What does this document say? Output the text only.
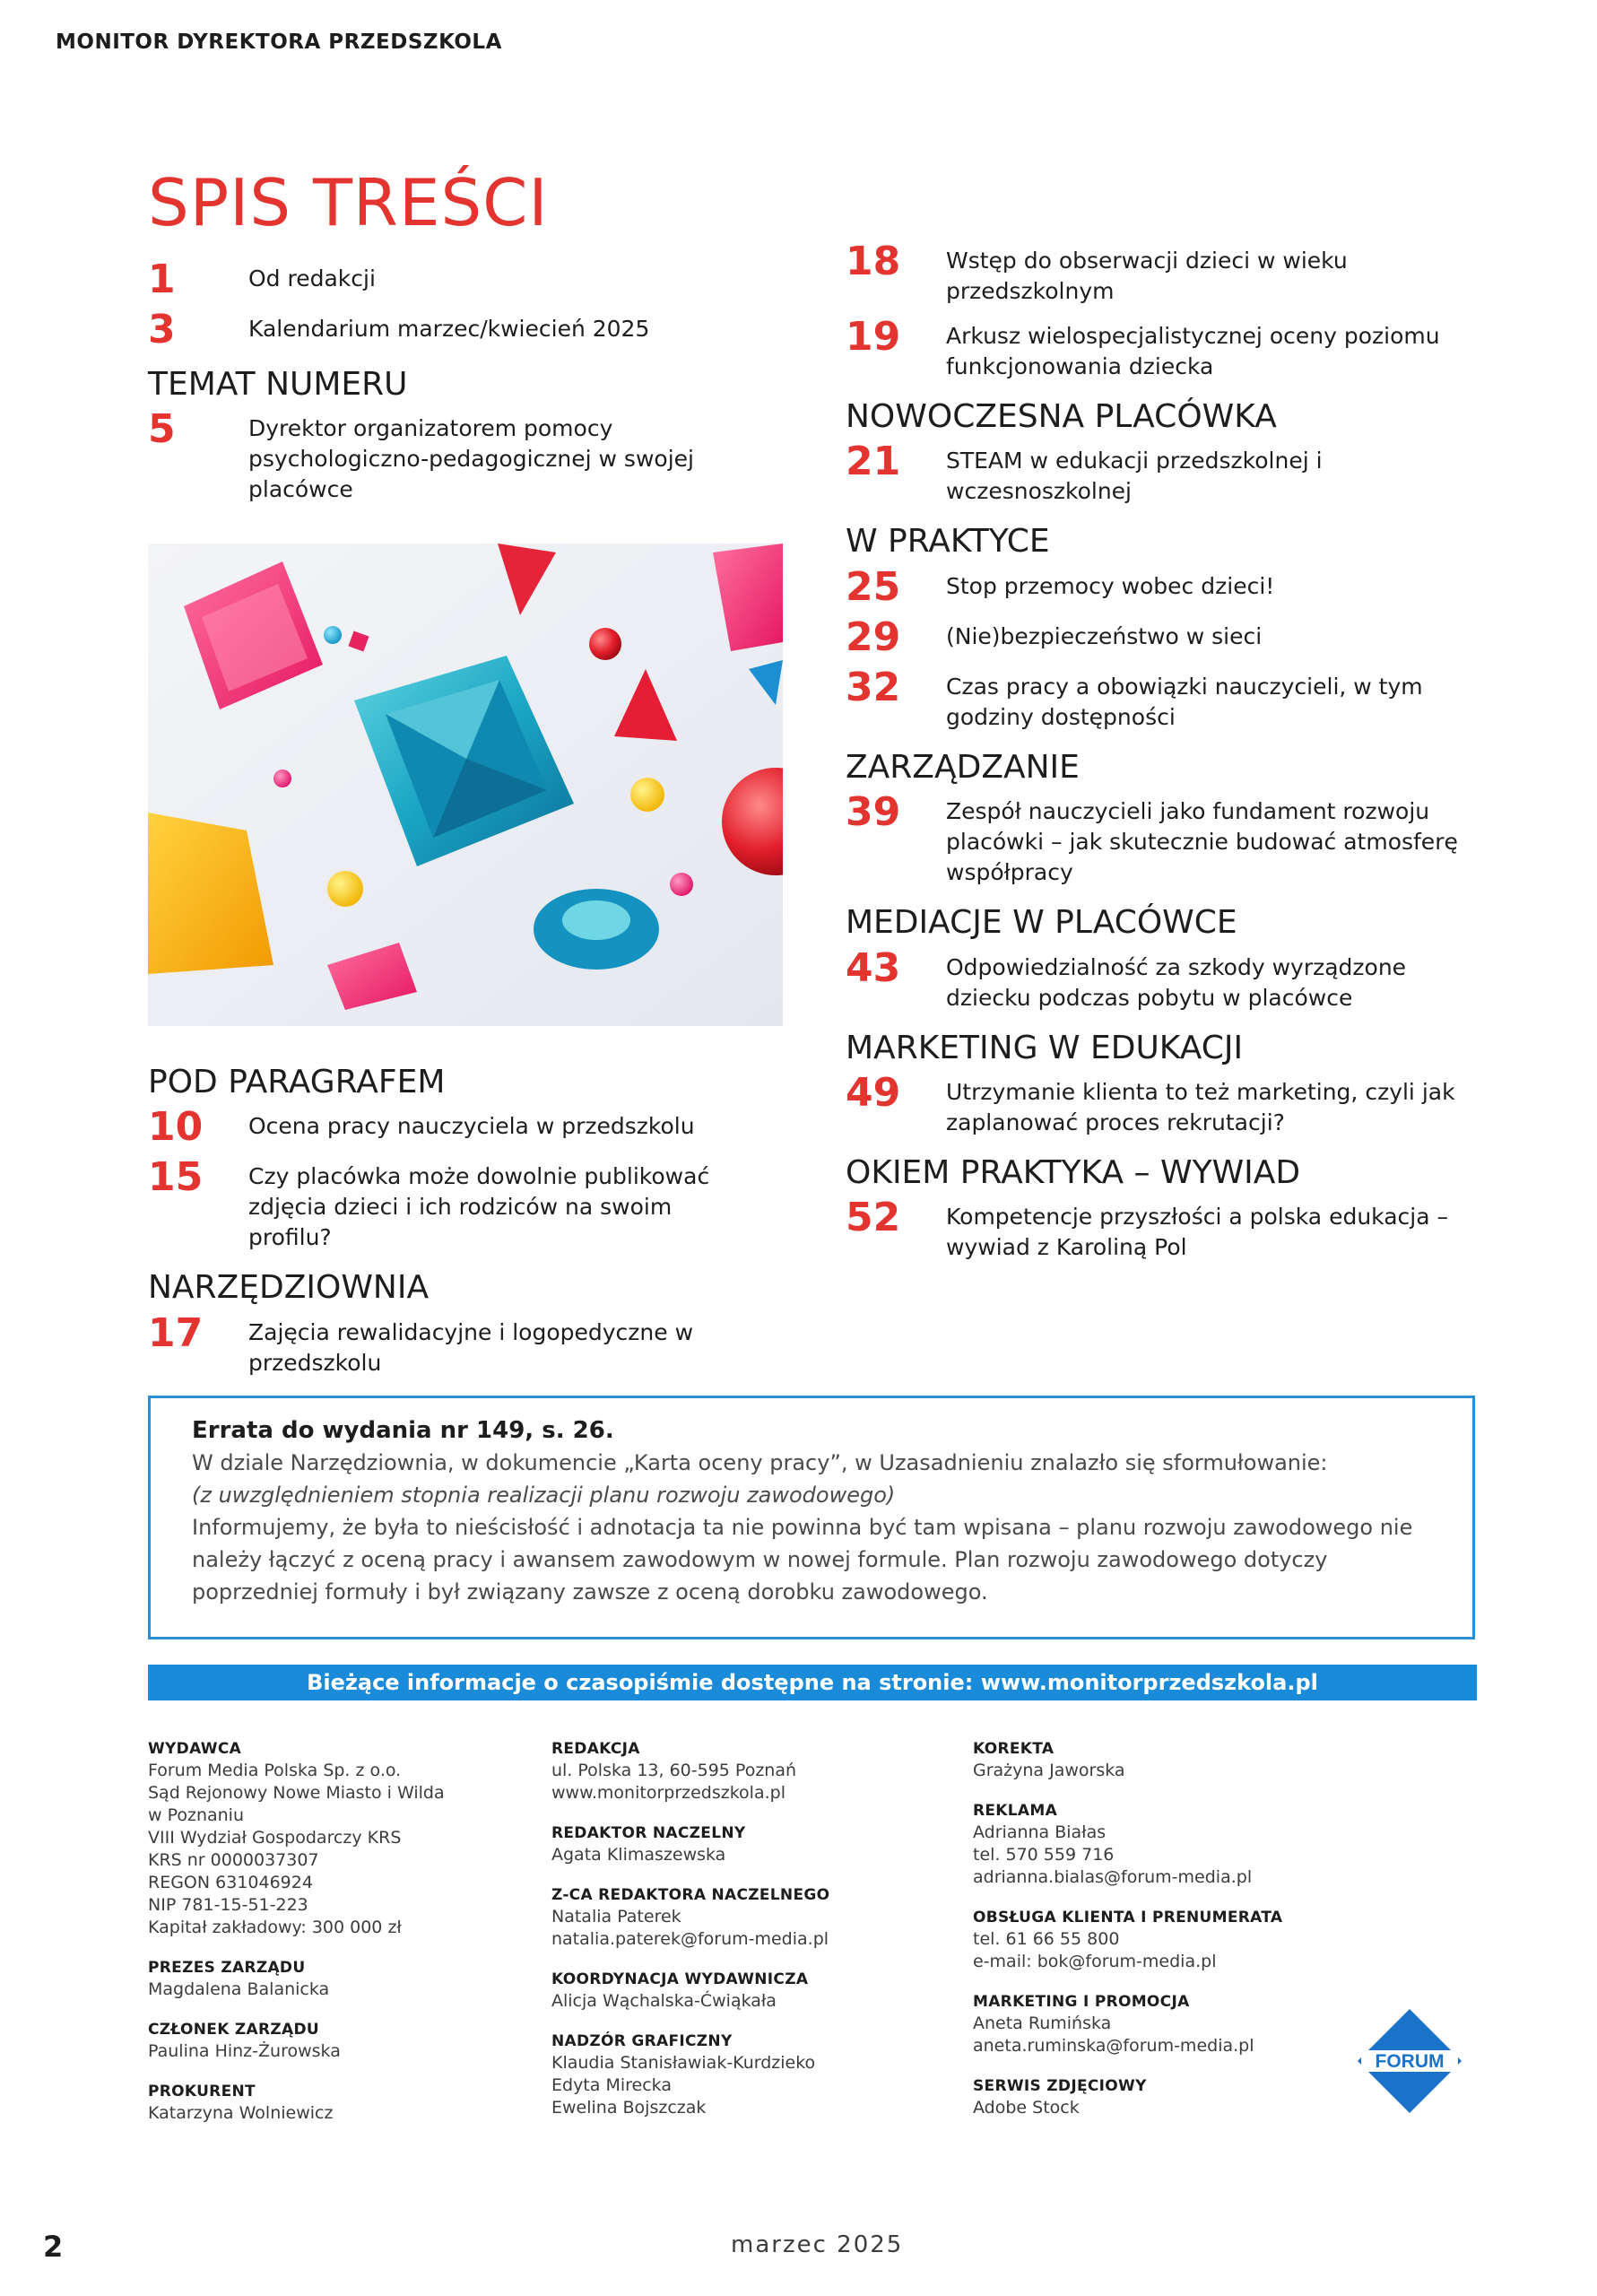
MONITOR DYREKTORA PRZEDSZKOLA
SPIS TREŚCI
1	Od redakcji
3	Kalendarium marzec/kwiecień 2025
TEMAT NUMERU
5	Dyrektor organizatorem pomocy psychologiczno-pedagogicznej w swojej placówce
POD PARAGRAFEM
10	Ocena pracy nauczyciela w przedszkolu
15	Czy placówka może dowolnie publikować zdjęcia dzieci i ich rodziców na swoim profilu?
NARZĘDZIOWNIA
17	Zajęcia rewalidacyjne i logopedyczne w przedszkolu
18	Wstęp do obserwacji dzieci w wieku przedszkolnym
19	Arkusz wielospecjalistycznej oceny poziomu funkcjonowania dziecka
NOWOCZESNA PLACÓWKA
21	STEAM w edukacji przedszkolnej i wczesnoszkolnej
W PRAKTYCE
25	Stop przemocy wobec dzieci!
29	(Nie)bezpieczeństwo w sieci
32	Czas pracy a obowiązki nauczycieli, w tym godziny dostępności
ZARZĄDZANIE
39	Zespół nauczycieli jako fundament rozwoju placówki – jak skutecznie budować atmosferę współpracy
MEDIACJE W PLACÓWCE
43	Odpowiedzialność za szkody wyrządzone dziecku podczas pobytu w placówce
MARKETING W EDUKACJI
49	Utrzymanie klienta to też marketing, czyli jak zaplanować proces rekrutacji?
OKIEM PRAKTYKA – WYWIAD
52	Kompetencje przyszłości a polska edukacja – wywiad z Karoliną Pol
Errata do wydania nr 149, s. 26.
W dziale Narzędziownia, w dokumencie „Karta oceny pracy”, w Uzasadnieniu znalazło się sformułowanie:
(z uwzględnieniem stopnia realizacji planu rozwoju zawodowego)
Informujemy, że była to nieścisłość i adnotacja ta nie powinna być tam wpisana – planu rozwoju zawodowego nie należy łączyć z oceną pracy i awansem zawodowym w nowej formule. Plan rozwoju zawodowego dotyczy poprzedniej formuły i był związany zawsze z oceną dorobku zawodowego.
Bieżące informacje o czasopiśmie dostępne na stronie: www.monitorprzedszkola.pl
WYDAWCA
Forum Media Polska Sp. z o.o.
Sąd Rejonowy Nowe Miasto i Wilda
w Poznaniu
VIII Wydział Gospodarczy KRS
KRS nr 0000037307
REGON 631046924
NIP 781-15-51-223
Kapitał zakładowy: 300 000 zł
PREZES ZARZĄDU
Magdalena Balanicka
CZŁONEK ZARZĄDU
Paulina Hinz-Żurowska
PROKURENT
Katarzyna Wolniewicz
REDAKCJA
ul. Polska 13, 60-595 Poznań
www.monitorprzedszkola.pl
REDAKTOR NACZELNY
Agata Klimaszewska
Z-CA REDAKTORA NACZELNEGO
Natalia Paterek
natalia.paterek@forum-media.pl
KOORDYNACJA WYDAWNICZA
Alicja Wąchalska-Ćwiąkała
NADZÓR GRAFICZNY
Klaudia Stanisławiak-Kurdzieko
Edyta Mirecka
Ewelina Bojszczak
KOREKTA
Grażyna Jaworska
REKLAMA
Adrianna Białas
tel. 570 559 716
adrianna.bialas@forum-media.pl
OBSŁUGA KLIENTA I PRENUMERATA
tel. 61 66 55 800
e-mail: bok@forum-media.pl
MARKETING I PROMOCJA
Aneta Rumińska
aneta.ruminska@forum-media.pl
SERWIS ZDJĘCIOWY
Adobe Stock
FORUM
2	marzec 2025
